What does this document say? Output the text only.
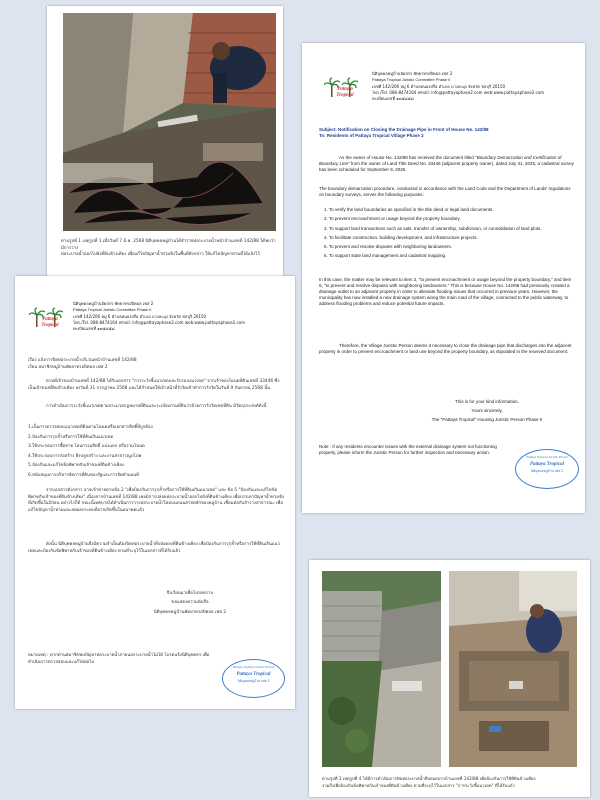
ตามรูปที่ 1 เหตุรูปที่ 1 เมื่อวันที่ 7 มี.ค. 2568 นิติบุคคลหมู่บ้านได้สำรวจท่อระบายน้ำหน้าบ้านเลขที่ 142/88 ได้พบว่ามีการวาง
ท่อระบายน้ำออกไปยังที่ดินข้างเคียง เพื่อแก้ไขปัญหาน้ำท่วมขังในพื้นที่ดังกล่าว ให้แก้ไขปัญหาตามที่ได้แจ้งไว้
Pattaya Tropical
นิติบุคคลหมู่บ้านจัดสรร พัทยาทรอปิคอล เฟส 2
Pattaya Tropical Juristic Committee Phase II
เลขที่ 142/206 หมู่ 6 ตำบลหนองปรือ อำเภอ บางละมุง จังหวัด ชลบุรี 20150
โทร./Tel. 086-8474164 email: info@pattayaphase2.com web:www.pattayaphase2.com
ทะเบียนเลขที่ ๑๓๕๘๕๘
Subject: Notification on Closing the Drainage Pipe in Front of House No. 142/88
To: Residents of Pattaya Tropical Village Phase 2
As the owner of House No. 142/88 has received the document titled "Boundary Demarcation and Certification of Boundary Line" from the owner of Land Title Deed No. 33446 (adjacent property owner), dated July 31, 2025, a cadastral survey has been scheduled for September 9, 2025.
The boundary demarcation procedure, conducted in accordance with the Land Code and the Department of Lands' regulations on boundary surveys, serves the following purposes:
1. To verify the land boundaries as specified in the title deed or legal land documents.
2. To prevent encroachment or usage beyond the property boundary.
3. To support land transactions such as sale, transfer of ownership, subdivision, or consolidation of land plots.
4. To facilitate construction, building development, and infrastructure projects.
5. To prevent and resolve disputes with neighboring landowners.
6. To support state land management and cadastral mapping.
In this case, the matter may be relevant to item 2, "to prevent encroachment or usage beyond the property boundary," and item 5, "to prevent and resolve disputes with neighboring landowners." This is because House No. 142/88 had previously created a drainage outlet to an adjacent property in order to alleviate flooding issues that occurred in previous years. However, the municipality has now installed a new drainage system along the main road of the village, connected to the public waterway, to address flooding problems and reduce potential future impacts.
Therefore, the Village Juristic Person deems it necessary to close the drainage pipe that discharges into the adjacent property in order to prevent encroachment or land use beyond the property boundary, as stipulated in the received document.
This is for your kind information.
Yours sincerely,
The "Pattaya Tropical" Housing Juristic Person Phase II
Note : If any residents encounter issues with the external drainage system not functioning properly, please inform the Juristic Person for further inspection and necessary action.
Pattaya Tropical Juristic Person
Pattaya Tropical
นิติบุคคลหมู่บ้าน เฟส 2
Pattaya Tropical
นิติบุคคลหมู่บ้านจัดสรร พัทยาทรอปิคอล เฟส 2
Pattaya Tropical Juristic Committee Phase II
เลขที่ 142/206 หมู่ 6 ตำบลหนองปรือ อำเภอ บางละมุง จังหวัด ชลบุรี 20150
โทร./Tel. 086-8474164 email: info@pattayaphase2.com web:www.pattayaphase2.com
ทะเบียนเลขที่ ๑๓๕๘๕๘
เรื่อง แจ้งการปิดท่อระบายน้ำบริเวณหน้าบ้านเลขที่ 142/88
เรียน สมาชิกหมู่บ้านพัทยาทรอปิคอล เฟส 2
ตามที่เจ้าของบ้านเลขที่ 142/88 ได้รับเอกสาร "การระวังชี้แนวเขตและรับรองแนวเขต" จากเจ้าของโฉนดที่ดินเลขที่ 33446 ซึ่งเป็นเจ้าของที่ดินข้างเคียง ลงวันที่ 31 กรกฎาคม 2568 และได้กำหนดให้เจ้าหน้าที่รังวัดเข้าทำการรังวัดในวันที่ 9 กันยายน 2568 นั้น
การดำเนินการระวังชี้แนวเขตตามประมวลกฎหมายที่ดินและระเบียบกรมที่ดินว่าด้วยการรังวัดเขตที่ดิน มีวัตถุประสงค์ดังนี้
1.เป็นการตรวจสอบแนวเขตที่ดินตามโฉนดหรือเอกสารสิทธิ์ที่ถูกต้อง
2.ป้องกันการรุกล้ำหรือการใช้ที่ดินเกินแนวเขต
3.ใช้ประกอบการซื้อขาย โอนกรรมสิทธิ์ แบ่งแยก หรือรวมโฉนด
4.ใช้ประกอบการก่อสร้าง สิ่งปลูกสร้าง และงานสาธารณูปโภค
5.ป้องกันและแก้ไขข้อพิพาทกับเจ้าของที่ดินข้างเคียง
6.สนับสนุนการบริหารจัดการที่ดินของรัฐและการจัดทำแผนที่
จากเอกสารดังกล่าว อาจเข้าข่ายตามข้อ 2 "เพื่อป้องกันการรุกล้ำหรือการใช้ที่ดินเกินแนวเขต" และ ข้อ 5 "ป้องกันและแก้ไขข้อพิพาทกับเจ้าของที่ดินข้างเคียง" เนื่องจากบ้านเลขที่ 142/88 เคยมีการปล่อยท่อระบายน้ำออกไปยังที่ดินข้างเคียง เพื่อบรรเทาปัญหาน้ำท่วมขังที่เกิดขึ้นในปีก่อน อย่างไรก็ดี ขณะนี้เทศบาลได้ดำเนินการวางท่อระบายน้ำใหม่บนถนนสายหลักของหมู่บ้าน เชื่อมต่อกับลำรางสาธารณะ เพื่อแก้ไขปัญหาน้ำท่วมและลดผลกระทบที่อาจเกิดขึ้นในอนาคตแล้ว
ดังนั้น นิติบุคคลหมู่บ้านจึงมีความจำเป็นต้องปิดท่อระบายน้ำที่ปล่อยลงที่ดินข้างเคียง เพื่อป้องกันการรุกล้ำหรือการใช้ที่ดินเกินแนวเขตและป้องกันข้อพิพาทกับเจ้าของที่ดินข้างเคียง ตามที่ระบุไว้ในเอกสารที่ได้รับแล้ว
จึงเรียนมาเพื่อโปรดทราบ
ขอแสดงความนับถือ
นิติบุคคลหมู่บ้านพัทยาทรอปิคอล เฟส 2
หมายเหตุ : หากท่านสมาชิกพบปัญหาท่อระบายน้ำภายนอกระบายน้ำไม่ได้ โปรดแจ้งนิติบุคคลฯ เพื่อดำเนินการตรวจสอบและแก้ไขต่อไป
Pattaya Tropical Juristic Person
Pattaya Tropical
นิติบุคคลหมู่บ้าน เฟส 2
ตามรูปที่ 3 เหตุรูปที่ 4 ได้มีการดำเนินการปิดท่อระบายน้ำที่ปล่อยจากบ้านเลขที่ 142/88 เพื่อป้องกันการใช้ที่ดินข้างเคียง
รวมถึงเพื่อป้องกันข้อพิพาทกับเจ้าของที่ดินข้างเคียง ตามที่ระบุไว้ในเอกสาร "การระวังชี้แนวเขต" ที่ได้รับแล้ว
